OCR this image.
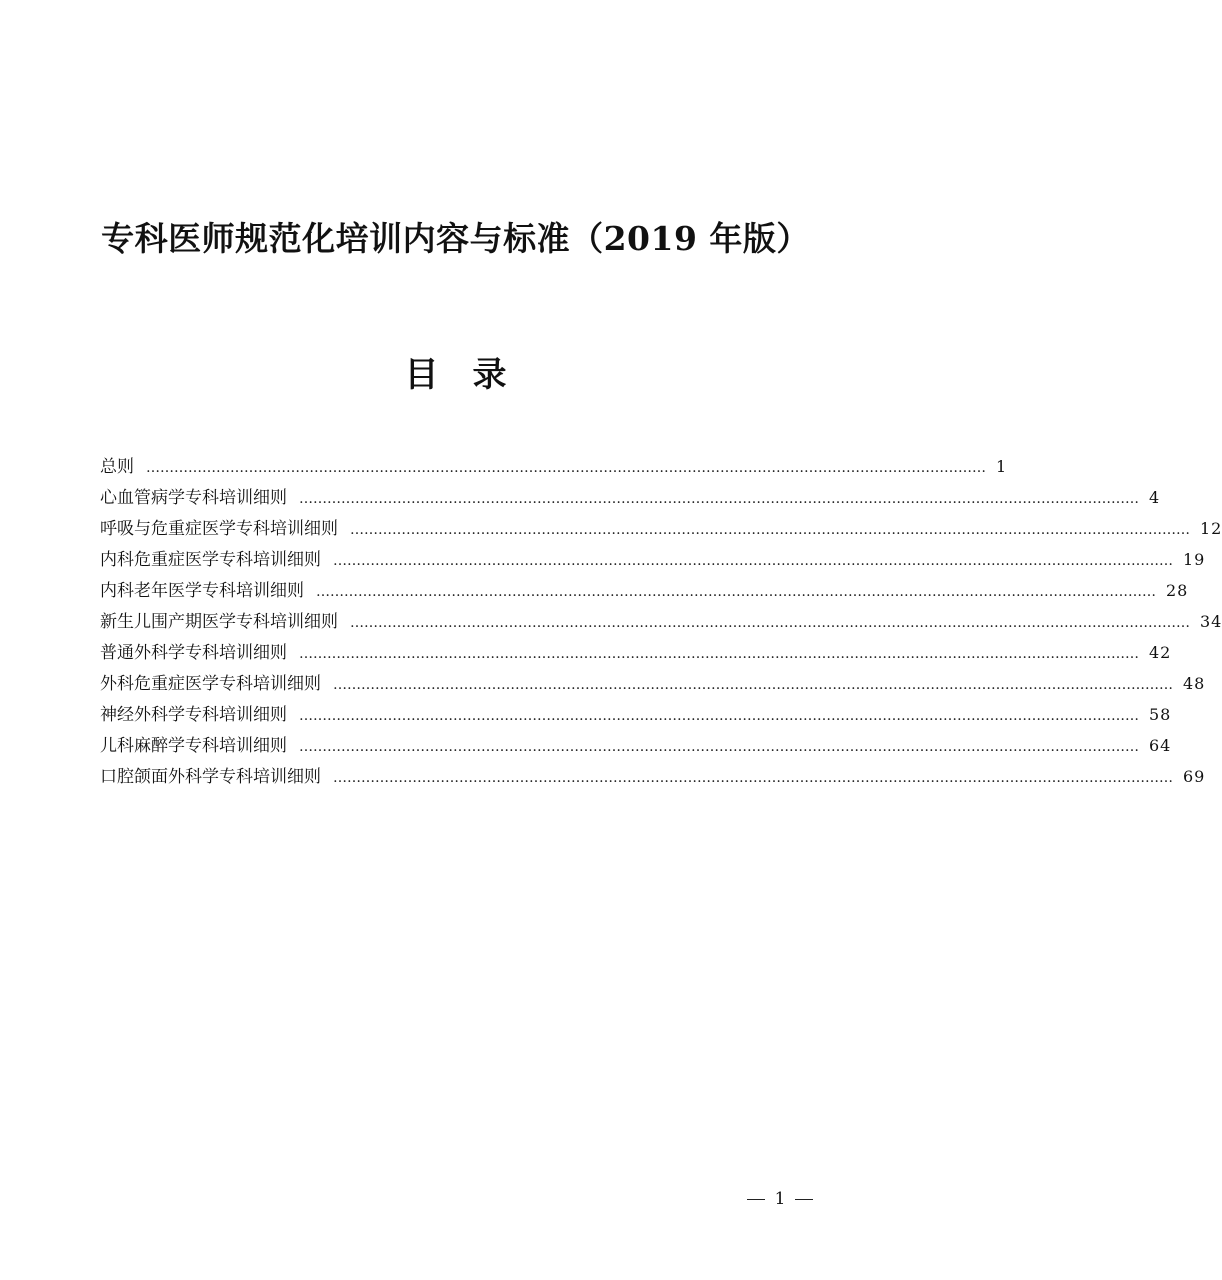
专科医师规范化培训内容与标准（2019 年版）
目　录
总则 ……………………………………………………………………………………………………………………………………………………………… 1
心血管病学专科培训细则 ……………………………………………………………………………………………………………………………………………………………… 4
呼吸与危重症医学专科培训细则 ……………………………………………………………………………………………………………………………………………………………… 12
内科危重症医学专科培训细则 ……………………………………………………………………………………………………………………………………………………………… 19
内科老年医学专科培训细则 ……………………………………………………………………………………………………………………………………………………………… 28
新生儿围产期医学专科培训细则 ……………………………………………………………………………………………………………………………………………………………… 34
普通外科学专科培训细则 ……………………………………………………………………………………………………………………………………………………………… 42
外科危重症医学专科培训细则 ……………………………………………………………………………………………………………………………………………………………… 48
神经外科学专科培训细则 ……………………………………………………………………………………………………………………………………………………………… 58
儿科麻醉学专科培训细则 ……………………………………………………………………………………………………………………………………………………………… 64
口腔颌面外科学专科培训细则 ……………………………………………………………………………………………………………………………………………………………… 69
1
